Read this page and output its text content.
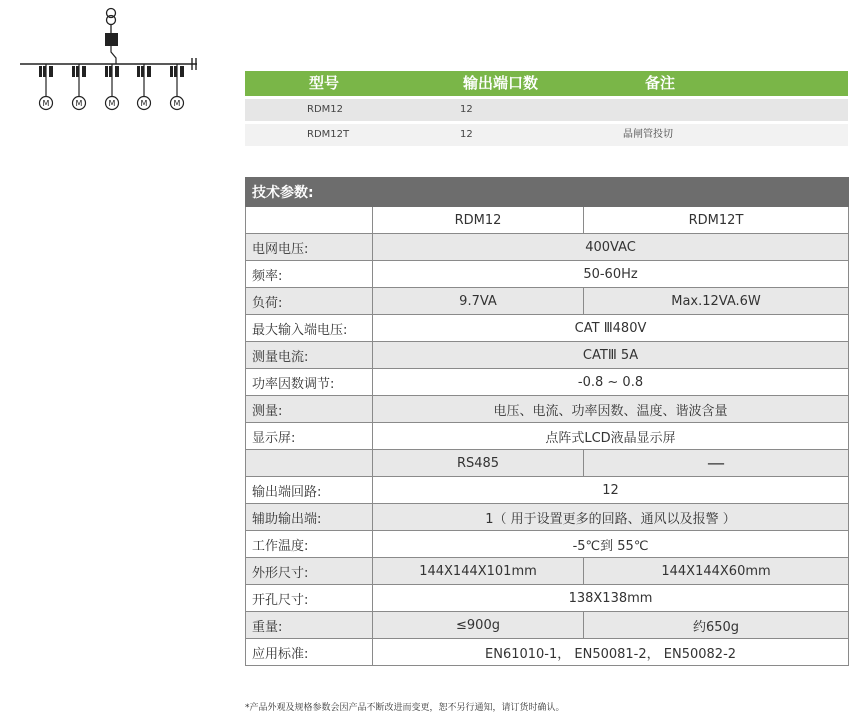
M	M	M	M	M
型号	输出端口数	备注
RDM12	12
RDM12T	12	晶闸管投切
技术参数:		
	RDM12	RDM12T
电网电压:	400VAC	
频率:	50-60Hz	
负荷:	9.7VA	Max.12VA.6W
最大输入端电压:	CAT Ⅲ480V	
测量电流:	CATⅢ 5A	
功率因数调节:	-0.8 ~ 0.8	
测量:	电压、电流、功率因数、温度、谐波含量	
显示屏:	点阵式LCD液晶显示屏	
	RS485	—
输出端回路:	12	
辅助输出端:	1（ 用于设置更多的回路、通风以及报警 ）	
工作温度:	-5℃到 55℃	
外形尺寸:	144X144X101mm	144X144X60mm
开孔尺寸:	138X138mm	
重量:	≤900g	约650g
应用标准:	EN61010-1， EN50081-2， EN50082-2	
*产品外观及规格参数会因产品不断改进而变更，恕不另行通知，请订货时确认。
